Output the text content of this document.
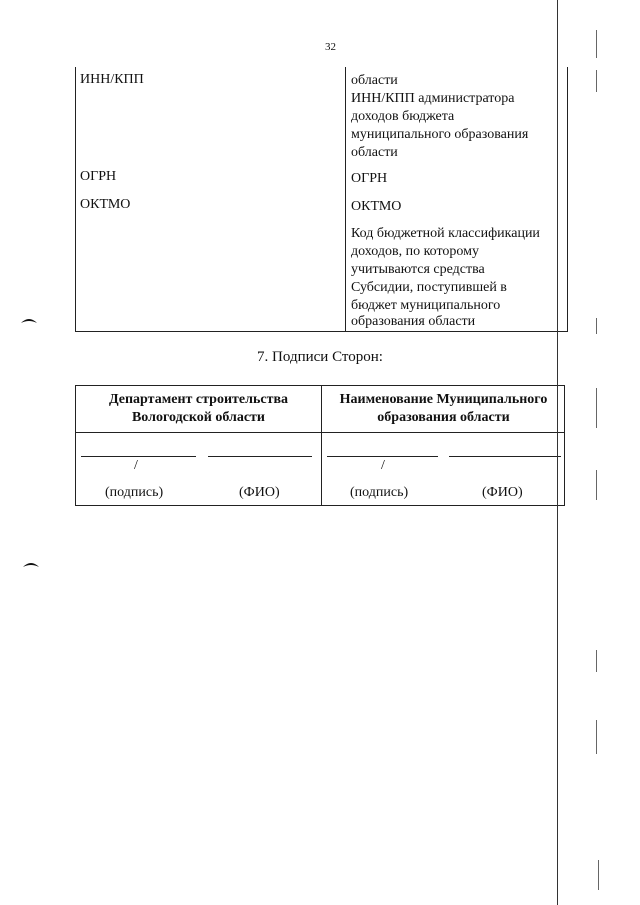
32

ИНН/КПП

ОГРН

ОКТМО

области

ИНН/КПП администратора

доходов бюджета

муниципального образования

области

ОГРН

ОКТМО

Код бюджетной классификации

доходов, по которому

учитываются средства

Субсидии, поступившей в

бюджет муниципального

образования области

7. Подписи Сторон:
Департамент строительства
Вологодской области
/
(подпись)	(ФИО)
Наименование Муниципального
образования области
/
(подпись)	(ФИО)
